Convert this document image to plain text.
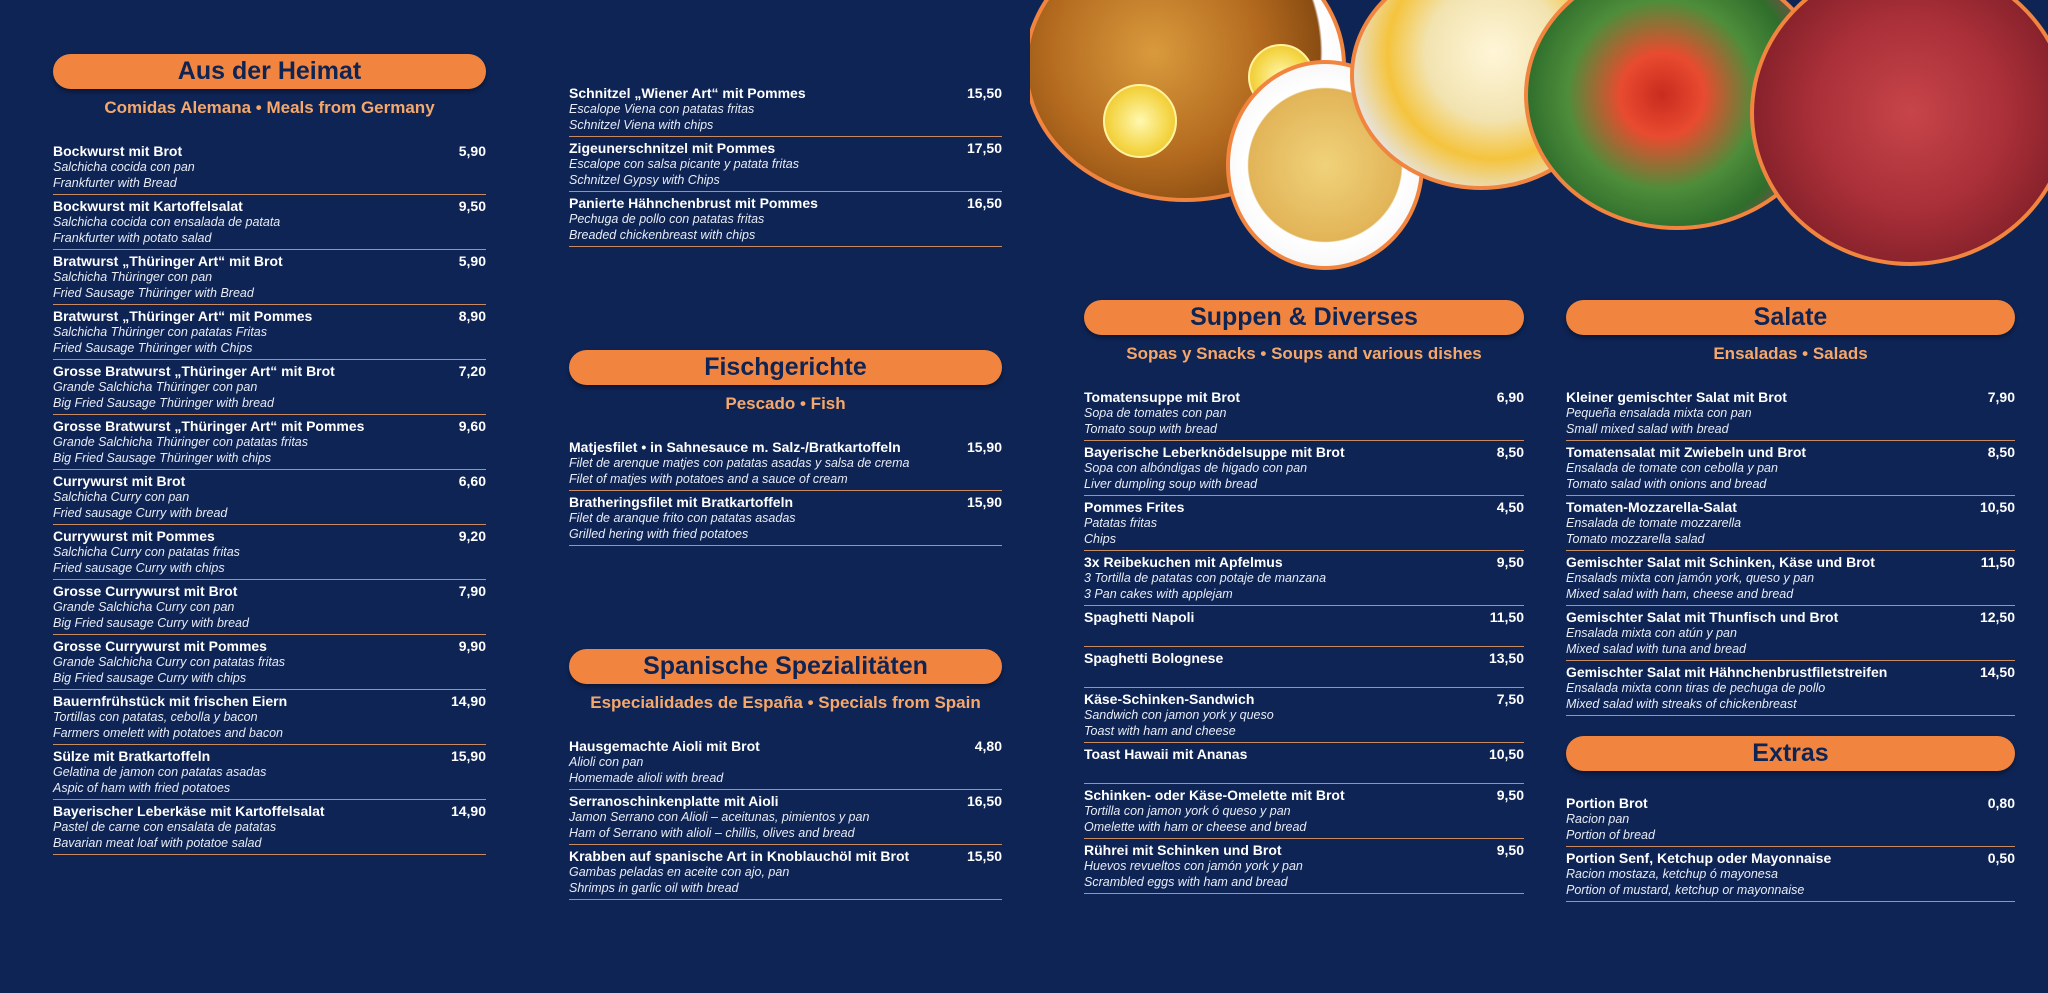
Aus der Heimat
Comidas Alemana • Meals from Germany
Bockwurst mit Brot	5,90
Salchicha cocida con pan
Frankfurter with Bread
Bockwurst mit Kartoffelsalat	9,50
Salchicha cocida con ensalada de patata
Frankfurter with potato salad
Bratwurst „Thüringer Art“ mit Brot	5,90
Salchicha Thüringer con pan
Fried Sausage Thüringer with Bread
Bratwurst „Thüringer Art“ mit Pommes	8,90
Salchicha Thüringer con patatas Fritas
Fried Sausage Thüringer with Chips
Grosse Bratwurst „Thüringer Art“ mit Brot	7,20
Grande Salchicha Thüringer con pan
Big Fried Sausage Thüringer with bread
Grosse Bratwurst „Thüringer Art“ mit Pommes	9,60
Grande Salchicha Thüringer con patatas fritas
Big Fried Sausage Thüringer with chips
Currywurst mit Brot	6,60
Salchicha Curry con pan
Fried sausage Curry with bread
Currywurst mit Pommes	9,20
Salchicha Curry con patatas fritas
Fried sausage Curry with chips
Grosse Currywurst mit Brot	7,90
Grande Salchicha Curry con pan
Big Fried sausage Curry with bread
Grosse Currywurst mit Pommes	9,90
Grande Salchicha Curry con patatas fritas
Big Fried sausage Curry with chips
Bauernfrühstück mit frischen Eiern	14,90
Tortillas con patatas, cebolla y bacon
Farmers omelett with potatoes and bacon
Sülze mit Bratkartoffeln	15,90
Gelatina de jamon con patatas asadas
Aspic of ham with fried potatoes
Bayerischer Leberkäse mit Kartoffelsalat	14,90
Pastel de carne con ensalata de patatas
Bavarian meat loaf with potatoe salad
Schnitzel „Wiener Art“ mit Pommes	15,50
Escalope Viena con patatas fritas
Schnitzel Viena with chips
Zigeunerschnitzel mit Pommes	17,50
Escalope con salsa picante y patata fritas
Schnitzel Gypsy with Chips
Panierte Hähnchenbrust mit Pommes	16,50
Pechuga de pollo con patatas fritas
Breaded chickenbreast with chips
Fischgerichte
Pescado • Fish
Matjesfilet • in Sahnesauce m. Salz-/Bratkartoffeln	15,90
Filet de arenque matjes con patatas asadas y salsa de crema
Filet of matjes with potatoes and a sauce of cream
Bratheringsfilet mit Bratkartoffeln	15,90
Filet de aranque frito con patatas asadas
Grilled hering with fried potatoes
Spanische Spezialitäten
Especialidades de España • Specials from Spain
Hausgemachte Aioli mit Brot	4,80
Alioli con pan
Homemade alioli with bread
Serranoschinkenplatte mit Aioli	16,50
Jamon Serrano con Alioli – aceitunas, pimientos y pan
Ham of Serrano with alioli – chillis, olives and bread
Krabben auf spanische Art in Knoblauchöl mit Brot	15,50
Gambas peladas en aceite con ajo, pan
Shrimps in garlic oil with bread
Suppen & Diverses
Sopas y Snacks • Soups and various dishes
Tomatensuppe mit Brot	6,90
Sopa de tomates con pan
Tomato soup with bread
Bayerische Leberknödelsuppe mit Brot	8,50
Sopa con albóndigas de higado con pan
Liver dumpling soup with bread
Pommes Frites	4,50
Patatas fritas
Chips
3x Reibekuchen mit Apfelmus	9,50
3 Tortilla de patatas con potaje de manzana
3 Pan cakes with applejam
Spaghetti Napoli	11,50
Spaghetti Bolognese	13,50
Käse-Schinken-Sandwich	7,50
Sandwich con jamon york y queso
Toast with ham and cheese
Toast Hawaii mit Ananas	10,50
Schinken- oder Käse-Omelette mit Brot	9,50
Tortilla con jamon york ó queso y pan
Omelette with ham or cheese and bread
Rührei mit Schinken und Brot	9,50
Huevos revueltos con jamón york y pan
Scrambled eggs with ham and bread
Salate
Ensaladas • Salads
Kleiner gemischter Salat mit Brot	7,90
Pequeña ensalada mixta con pan
Small mixed salad with bread
Tomatensalat mit Zwiebeln und Brot	8,50
Ensalada de tomate con cebolla y pan
Tomato salad with onions and bread
Tomaten-Mozzarella-Salat	10,50
Ensalada de tomate mozzarella
Tomato mozzarella salad
Gemischter Salat mit Schinken, Käse und Brot	11,50
Ensalads mixta con jamón york, queso y pan
Mixed salad with ham, cheese and bread
Gemischter Salat mit Thunfisch und Brot	12,50
Ensalada mixta con atún y pan
Mixed salad with tuna and bread
Gemischter Salat mit Hähnchenbrustfiletstreifen	14,50
Ensalada mixta conn tiras de pechuga de pollo
Mixed salad with streaks of chickenbreast
Extras
Portion Brot	0,80
Racion pan
Portion of bread
Portion Senf, Ketchup oder Mayonnaise	0,50
Racion mostaza, ketchup ó mayonesa
Portion of mustard, ketchup or mayonnaise
